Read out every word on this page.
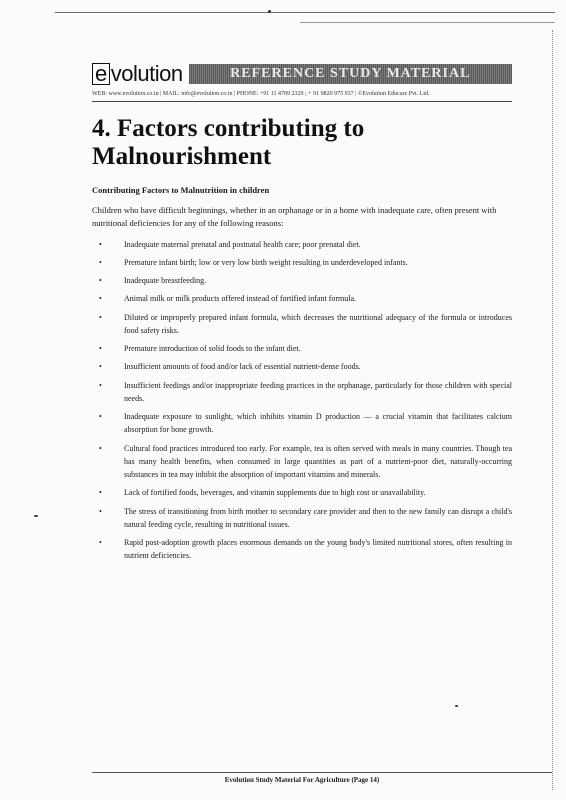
e volution	REFERENCE STUDY MATERIAL
WEB: www.evolution.co.in | MAIL: info@evolution.co.in | PHONE: +91 11 4709 2329 ; + 91 9820 975 937 | ©Evolution Educare Pvt. Ltd.
4. Factors contributing to Malnourishment

Contributing Factors to Malnutrition in children

Children who have difficult beginnings, whether in an orphanage or in a home with inadequate care, often present with nutritional deficiencies for any of the following reasons:

•	Inadequate maternal prenatal and postnatal health care; poor prenatal diet.
•	Premature infant birth; low or very low birth weight resulting in underdeveloped infants.
•	Inadequate breastfeeding.
•	Animal milk or milk products offered instead of fortified infant formula.
•	Diluted or improperly prepared infant formula, which decreases the nutritional adequacy of the formula or introduces food safety risks.
•	Premature introduction of solid foods to the infant diet.
•	Insufficient amounts of food and/or lack of essential nutrient-dense foods.
•	Insufficient feedings and/or inappropriate feeding practices in the orphanage, particularly for those children with special needs.
•	Inadequate exposure to sunlight, which inhibits vitamin D production — a crucial vitamin that facilitates calcium absorption for bone growth.
•	Cultural food practices introduced too early. For example, tea is often served with meals in many countries. Though tea has many health benefits, when consumed in large quantities as part of a nutrient-poor diet, naturally-occurring substances in tea may inhibit the absorption of important vitamins and minerals.
•	Lack of fortified foods, beverages, and vitamin supplements due to high cost or unavailability.
•	The stress of transitioning from birth mother to secondary care provider and then to the new family can disrupt a child's natural feeding cycle, resulting in nutritional issues.
•	Rapid post-adoption growth places enormous demands on the young body's limited nutritional stores, often resulting in nutrient deficiencies.

Evolution Study Material For Agriculture (Page 14)
